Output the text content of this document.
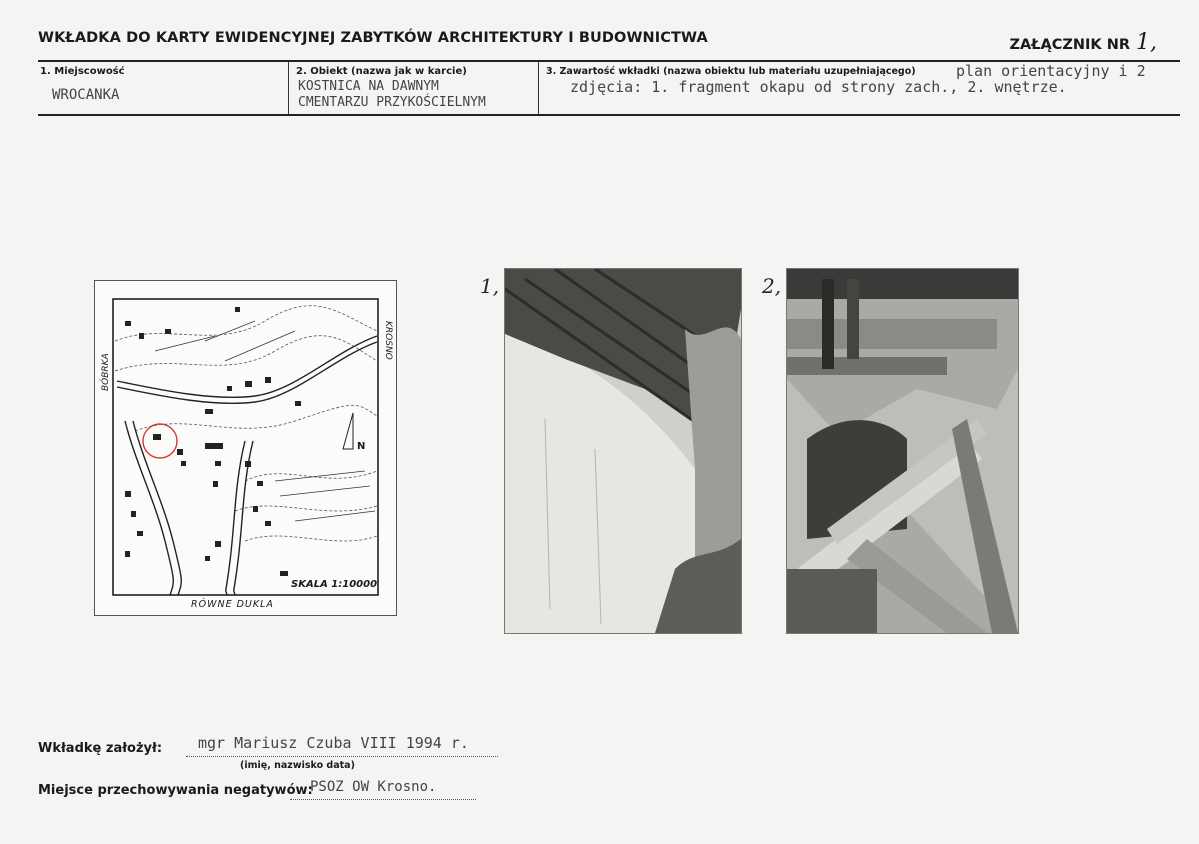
WKŁADKA DO KARTY EWIDENCYJNEJ ZABYTKÓW ARCHITEKTURY I BUDOWNICTWA	ZAŁĄCZNIK NR 1,
1. Miejscowość
WROCANKA
2. Obiekt (nazwa jak w karcie)
KOSTNICA NA DAWNYM
CMENTARZU PRZYKOŚCIELNYM
3. Zawartość wkładki (nazwa obiektu lub materiału uzupełniającego)	plan orientacyjny i 2
zdjęcia: 1. fragment okapu od strony zach., 2. wnętrze.
BÓBRKA
KROSNO
RÓWNE DUKLA
SKALA 1:10000
N
1,	2,
Wkładkę założył: mgr Mariusz Czuba VIII 1994 r.
(imię, nazwisko data)
Miejsce przechowywania negatywów:
PSOZ OW Krosno.
